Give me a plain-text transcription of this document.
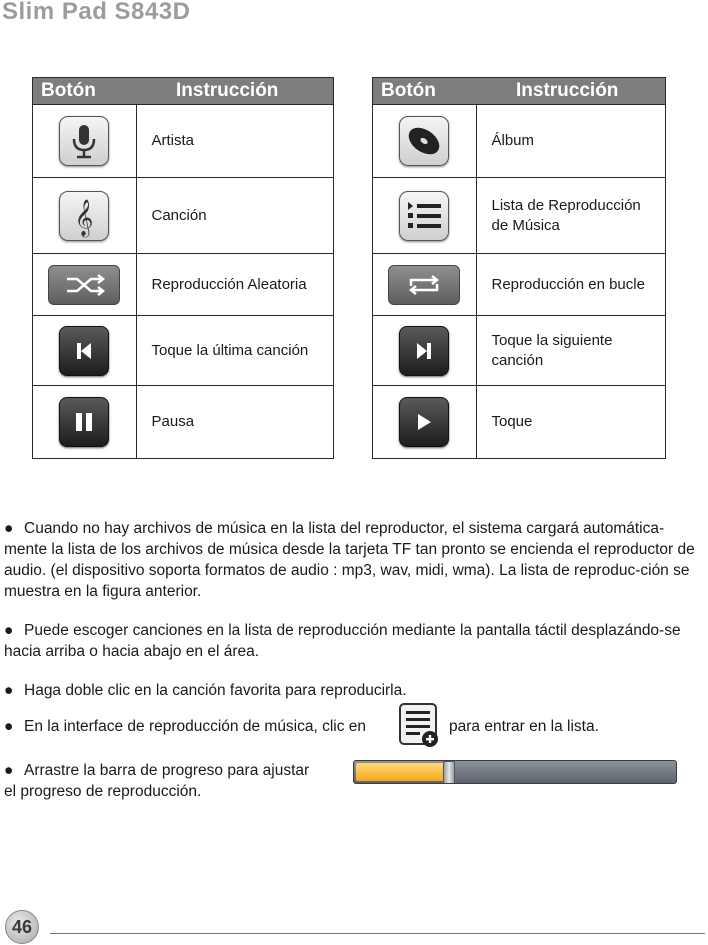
Slim Pad S843D
Botón	Instrucción

	Artista

𝄞	Canción

	Reproducción Aleatoria

	Toque la última canción

	Pausa
Botón	Instrucción

	Álbum

	Lista de Reproducción de Música

	Reproducción en bucle

	Toque la siguiente canción

	Toque
● Cuando no hay archivos de música en la lista del reproductor, el sistema cargará automática-mente la lista de los archivos de música desde la tarjeta TF tan pronto se encienda el reproductor de audio. (el dispositivo soporta formatos de audio : mp3, wav, midi, wma). La lista de reproduc-ción se muestra en la figura anterior.
● Puede escoger canciones en la lista de reproducción mediante la pantalla táctil desplazándo-se hacia arriba o hacia abajo en el área.
● Haga doble clic en la canción favorita para reproducirla.
● En la interface de reproducción de música, clic en	para entrar en la lista.
● Arrastre la barra de progreso para ajustar
el progreso de reproducción.
46
